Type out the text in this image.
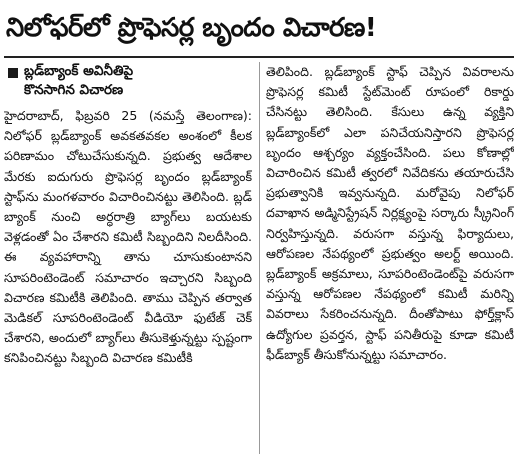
నిలోఫర్‌లో ప్రొఫెసర్ల బృందం విచారణ!
బ్లడ్‌బ్యాంక్ అవినీతిపై
కొనసాగిన విచారణ
హైదరాబాద్, ఫిబ్రవరి 25 (నమస్తే తెలంగాణ): నిలోఫర్ బ్లడ్‌బ్యాంక్ అవకతవకల అంశంలో కీలక పరిణామం చోటుచేసుకున్నది. ప్రభుత్వ ఆదేశాల మేరకు ఐదుగురు ప్రొఫెసర్ల బృందం బ్లడ్‌బ్యాంక్ స్టాఫ్‌ను మంగళవారం విచారించినట్టు తెలిసింది. బ్లడ్ బ్యాంక్ నుంచి అర్ధరాత్రి బ్యాగ్‌లు బయటకు వెళ్లడంతో ఏం చేశారని కమిటీ సిబ్బందిని నిలదీసింది. ఈ వ్యవహారాన్ని తాను చూసుకుంటానని సూపరింటెండెంట్ సమాచారం ఇచ్చారని సిబ్బంది విచారణ కమిటీకి తెలిపింది. తాము చెప్పిన తర్వాత మెడికల్ సూపరింటెండెంట్ వీడియో ఫుటేజ్ చెక్ చేశారని, అందులో బ్యాగ్‌లు తీసుకెళ్తున్నట్టు స్పష్టంగా కనిపించినట్టు సిబ్బంది విచారణ కమిటీకి
తెలిపింది. బ్లడ్‌బ్యాంక్ స్టాఫ్ చెప్పిన వివరాలను ప్రొఫెసర్ల కమిటీ స్టేట్‌మెంట్ రూపంలో రికార్డు చేసినట్టు తెలిసింది. కేసులు ఉన్న వ్యక్తిని బ్లడ్‌బ్యాంక్‌లో ఎలా పనిచేయనిస్తారని ప్రొఫెసర్ల బృందం ఆశ్చర్యం వ్యక్తంచేసింది. పలు కోణాల్లో విచారించిన కమిటీ త్వరలో నివేదికను తయారుచేసి ప్రభుత్వానికి ఇవ్వనున్నది. మరోవైపు నిలోఫర్ దవాఖాన అడ్మినిస్ట్రేషన్ నిర్లక్ష్యంపై సర్కారు స్క్రీనింగ్ నిర్వహిస్తున్నది. వరుసగా వస్తున్న ఫిర్యాదులు, ఆరోపణల నేపథ్యంలో ప్రభుత్వం అలర్ట్ అయింది. బ్లడ్‌బ్యాంక్ అక్రమాలు, సూపరింటెండెంట్‌పై వరుసగా వస్తున్న ఆరోపణల నేపథ్యంలో కమిటీ మరిన్ని వివరాలు సేకరించనున్నది. దీంతోపాటు ఫోర్త్‌క్లాస్ ఉద్యోగుల ప్రవర్తన, స్టాఫ్ పనితీరుపై కూడా కమిటీ ఫీడ్‌బ్యాక్ తీసుకోనున్నట్టు సమాచారం.
